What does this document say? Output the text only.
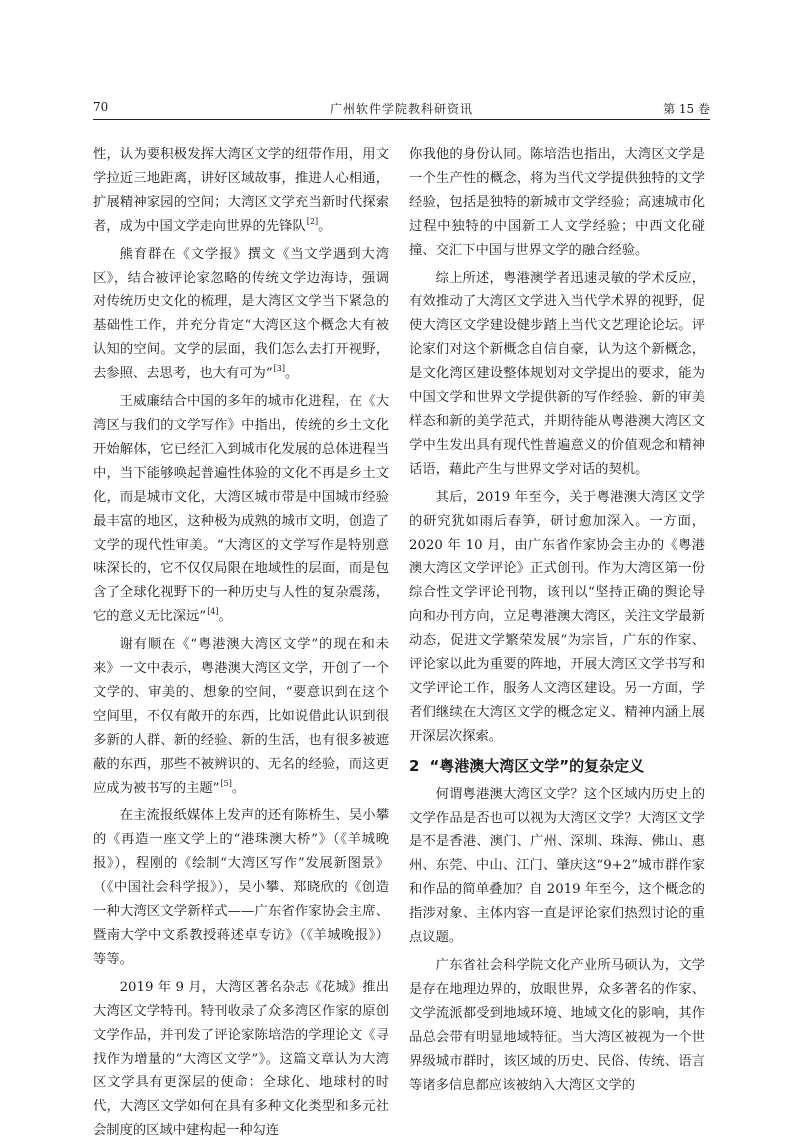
70	广州软件学院教科研资讯	第 15 卷

性，认为要积极发挥大湾区文学的纽带作用，用文学拉近三地距离，讲好区域故事，推进人心相通，扩展精神家园的空间；大湾区文学充当新时代探索者，成为中国文学走向世界的先锋队[2]。

熊育群在《文学报》撰文《当文学遇到大湾区》，结合被评论家忽略的传统文学边海诗，强调对传统历史文化的梳理，是大湾区文学当下紧急的基础性工作，并充分肯定“大湾区这个概念大有被认知的空间。文学的层面，我们怎么去打开视野，去参照、去思考，也大有可为”[3]。

王威廉结合中国的多年的城市化进程，在《大湾区与我们的文学写作》中指出，传统的乡土文化开始解体，它已经汇入到城市化发展的总体进程当中，当下能够唤起普遍性体验的文化不再是乡土文化，而是城市文化，大湾区城市带是中国城市经验最丰富的地区，这种极为成熟的城市文明，创造了文学的现代性审美。“大湾区的文学写作是特别意味深长的，它不仅仅局限在地域性的层面，而是包含了全球化视野下的一种历史与人性的复杂震荡，它的意义无比深远”[4]。

谢有顺在《“粤港澳大湾区文学”的现在和未来》一文中表示，粤港澳大湾区文学，开创了一个文学的、审美的、想象的空间，“要意识到在这个空间里，不仅有敞开的东西，比如说借此认识到很多新的人群、新的经验、新的生活，也有很多被遮蔽的东西，那些不被辨识的、无名的经验，而这更应成为被书写的主题”[5]。

在主流报纸媒体上发声的还有陈桥生、吴小攀的《再造一座文学上的“港珠澳大桥”》（《羊城晚报》），程刚的《绘制“大湾区写作”发展新图景》（《中国社会科学报》），吴小攀、郑晓欣的《创造一种大湾区文学新样式——广东省作家协会主席、暨南大学中文系教授蒋述卓专访》（《羊城晚报》）等等。

2019 年 9 月，大湾区著名杂志《花城》推出大湾区文学特刊。特刊收录了众多湾区作家的原创文学作品，并刊发了评论家陈培浩的学理论文《寻找作为增量的“大湾区文学”》。这篇文章认为大湾区文学具有更深层的使命：全球化、地球村的时代，大湾区文学如何在具有多种文化类型和多元社会制度的区域中建构起一种勾连

你我他的身份认同。陈培浩也指出，大湾区文学是一个生产性的概念，将为当代文学提供独特的文学经验，包括是独特的新城市文学经验；高速城市化过程中独特的中国新工人文学经验；中西文化碰撞、交汇下中国与世界文学的融合经验。

综上所述，粤港澳学者迅速灵敏的学术反应，有效推动了大湾区文学进入当代学术界的视野，促使大湾区文学建设健步踏上当代文艺理论论坛。评论家们对这个新概念自信自豪，认为这个新概念，是文化湾区建设整体规划对文学提出的要求，能为中国文学和世界文学提供新的写作经验、新的审美样态和新的美学范式，并期待能从粤港澳大湾区文学中生发出具有现代性普遍意义的价值观念和精神话语，藉此产生与世界文学对话的契机。

其后，2019 年至今，关于粤港澳大湾区文学的研究犹如雨后春笋，研讨愈加深入。一方面，2020 年 10 月，由广东省作家协会主办的《粤港澳大湾区文学评论》正式创刊。作为大湾区第一份综合性文学评论刊物，该刊以“坚持正确的舆论导向和办刊方向，立足粤港澳大湾区，关注文学最新动态，促进文学繁荣发展”为宗旨，广东的作家、评论家以此为重要的阵地，开展大湾区文学书写和文学评论工作，服务人文湾区建设。另一方面，学者们继续在大湾区文学的概念定义、精神内涵上展开深层次探索。

2 “粤港澳大湾区文学”的复杂定义

何谓粤港澳大湾区文学？这个区域内历史上的文学作品是否也可以视为大湾区文学？大湾区文学是不是香港、澳门、广州、深圳、珠海、佛山、惠州、东莞、中山、江门、肇庆这“9+2”城市群作家和作品的简单叠加？自 2019 年至今，这个概念的指涉对象、主体内容一直是评论家们热烈讨论的重点议题。

广东省社会科学院文化产业所马硕认为，文学是存在地理边界的，放眼世界，众多著名的作家、文学流派都受到地域环境、地域文化的影响，其作品总会带有明显地域特征。当大湾区被视为一个世界级城市群时，该区域的历史、民俗、传统、语言等诸多信息都应该被纳入大湾区文学的
